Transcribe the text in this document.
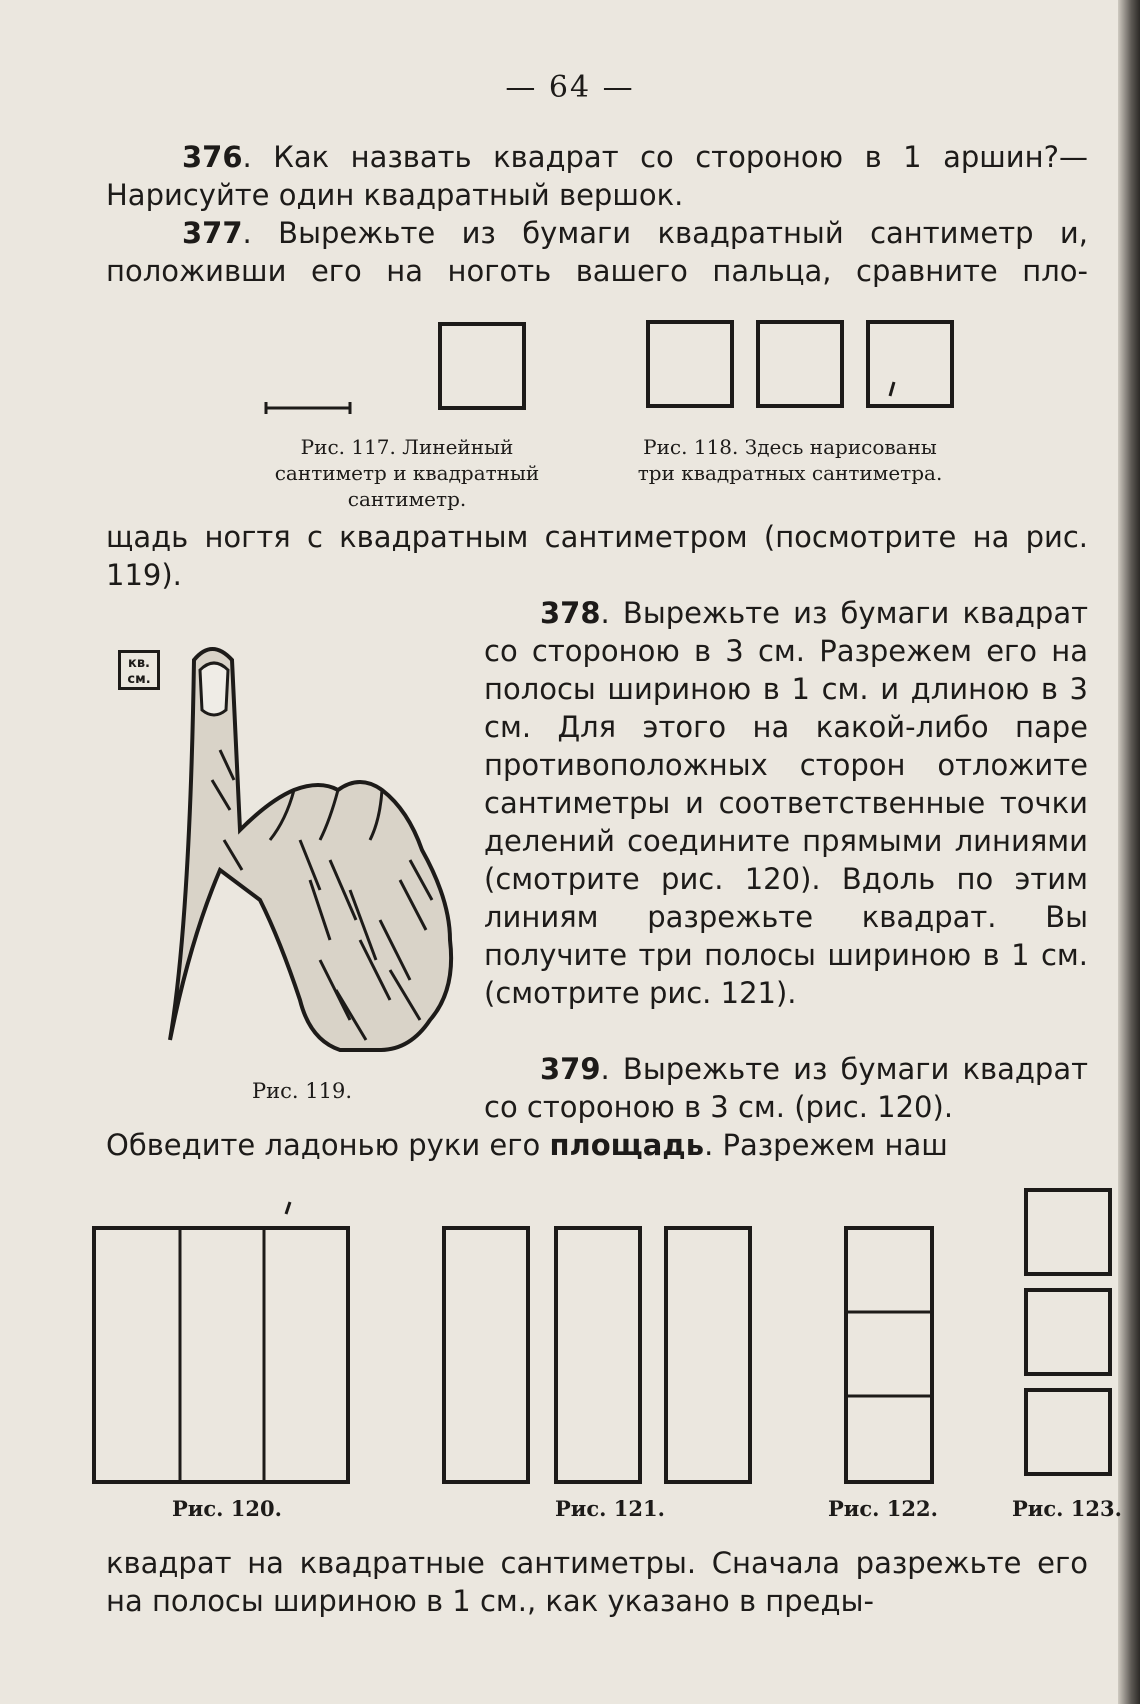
— 64 —

376. Как назвать квадрат со стороною в 1 аршин?— Нарисуйте один квадратный вершок.

377. Вырежьте из бумаги квадратный сантиметр и, положивши его на ноготь вашего пальца, сравните пло-

Рис. 117. Линейный сантиметр и квадратный сантиметр.

Рис. 118. Здесь нарисованы три квадратных сантиметра.

щадь ногтя с квадратным сантиметром (посмотрите на рис. 119).

кв.
см.

Рис. 119.

378. Вырежьте из бумаги квадрат со стороною в 3 см. Разрежем его на полосы шириною в 1 см. и длиною в 3 см. Для этого на какой-либо паре противоположных сторон отложите сантиметры и соответственные точки делений соедините прямыми линиями (смотрите рис. 120). Вдоль по этим линиям разрежьте квадрат. Вы получите три полосы шириною в 1 см. (смотрите рис. 121).

379. Вырежьте из бумаги квадрат со стороною в 3 см. (рис. 120).

Обведите ладонью руки его площадь. Разрежем наш

Рис. 120.	Рис. 121.	Рис. 122.	Рис. 123.

квадрат на квадратные сантиметры. Сначала разрежьте его на полосы шириною в 1 см., как указано в преды-
